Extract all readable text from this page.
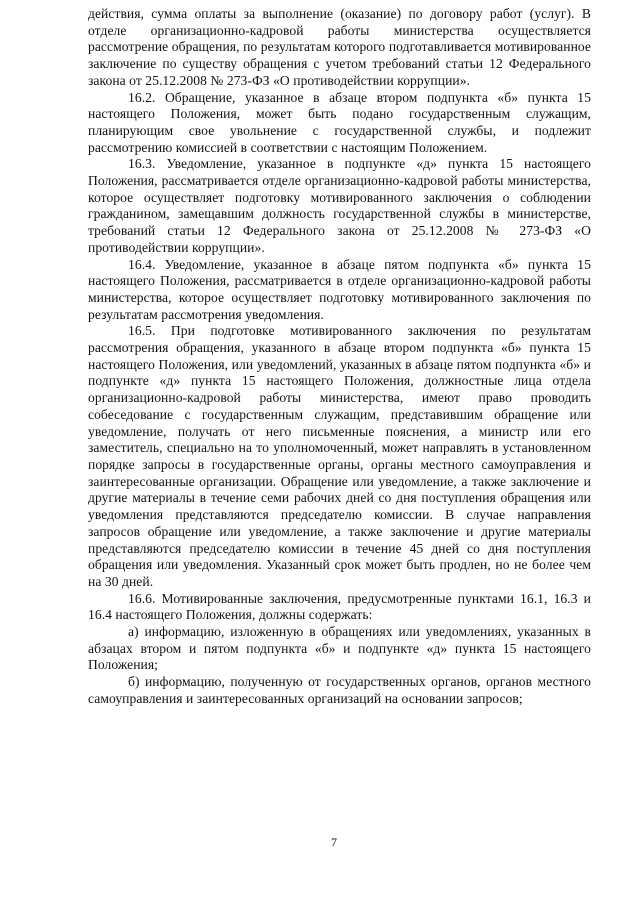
действия, сумма оплаты за выполнение (оказание) по договору работ (услуг). В отделе организационно-кадровой работы министерства осуществляется рассмотрение обращения, по результатам которого подготавливается мотивированное заключение по существу обращения с учетом требований статьи 12 Федерального закона от 25.12.2008 № 273-ФЗ «О противодействии коррупции».

16.2. Обращение, указанное в абзаце втором подпункта «б» пункта 15 настоящего Положения, может быть подано государственным служащим, планирующим свое увольнение с государственной службы, и подлежит рассмотрению комиссией в соответствии с настоящим Положением.

16.3. Уведомление, указанное в подпункте «д» пункта 15 настоящего Положения, рассматривается отделе организационно-кадровой работы министерства, которое осуществляет подготовку мотивированного заключения о соблюдении гражданином, замещавшим должность государственной службы в министерстве, требований статьи 12 Федерального закона от 25.12.2008 № 273-ФЗ «О противодействии коррупции».

16.4. Уведомление, указанное в абзаце пятом подпункта «б» пункта 15 настоящего Положения, рассматривается в отделе организационно-кадровой работы министерства, которое осуществляет подготовку мотивированного заключения по результатам рассмотрения уведомления.

16.5. При подготовке мотивированного заключения по результатам рассмотрения обращения, указанного в абзаце втором подпункта «б» пункта 15 настоящего Положения, или уведомлений, указанных в абзаце пятом подпункта «б» и подпункте «д» пункта 15 настоящего Положения, должностные лица отдела организационно-кадровой работы министерства, имеют право проводить собеседование с государственным служащим, представившим обращение или уведомление, получать от него письменные пояснения, а министр или его заместитель, специально на то уполномоченный, может направлять в установленном порядке запросы в государственные органы, органы местного самоуправления и заинтересованные организации. Обращение или уведомление, а также заключение и другие материалы в течение семи рабочих дней со дня поступления обращения или уведомления представляются председателю комиссии. В случае направления запросов обращение или уведомление, а также заключение и другие материалы представляются председателю комиссии в течение 45 дней со дня поступления обращения или уведомления. Указанный срок может быть продлен, но не более чем на 30 дней.

16.6. Мотивированные заключения, предусмотренные пунктами 16.1, 16.3 и 16.4 настоящего Положения, должны содержать:

а) информацию, изложенную в обращениях или уведомлениях, указанных в абзацах втором и пятом подпункта «б» и подпункте «д» пункта 15 настоящего Положения;

б) информацию, полученную от государственных органов, органов местного самоуправления и заинтересованных организаций на основании запросов;

7
